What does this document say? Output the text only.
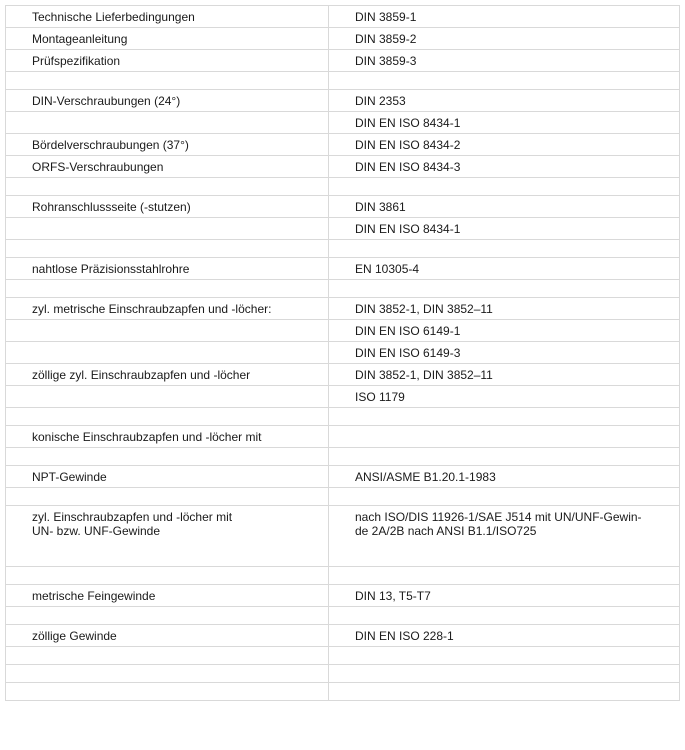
Technische Lieferbedingungen	DIN 3859-1

Montageanleitung	DIN 3859-2

Prüfspezifikation	DIN 3859-3

DIN-Verschraubungen (24°)	DIN 2353

	DIN EN ISO 8434-1

Bördelverschraubungen (37°)	DIN EN ISO 8434-2

ORFS-Verschraubungen	DIN EN ISO 8434-3

Rohranschlussseite (-stutzen)	DIN 3861

	DIN EN ISO 8434-1

nahtlose Präzisionsstahlrohre	EN 10305-4

zyl. metrische Einschraubzapfen und -löcher:	DIN 3852-1, DIN 3852–11

	DIN EN ISO 6149-1

	DIN EN ISO 6149-3

zöllige zyl. Einschraubzapfen und -löcher	DIN 3852-1, DIN 3852–11

	ISO 1179

konische Einschraubzapfen und -löcher mit	

NPT-Gewinde	ANSI/ASME B1.20.1-1983

zyl. Einschraubzapfen und -löcher mit
UN- bzw. UNF-Gewinde	nach ISO/DIS 11926-1/SAE J514 mit UN/UNF-Gewin-
de 2A/2B nach ANSI B1.1/ISO725

metrische Feingewinde	DIN 13, T5-T7

zöllige Gewinde	DIN EN ISO 228-1
